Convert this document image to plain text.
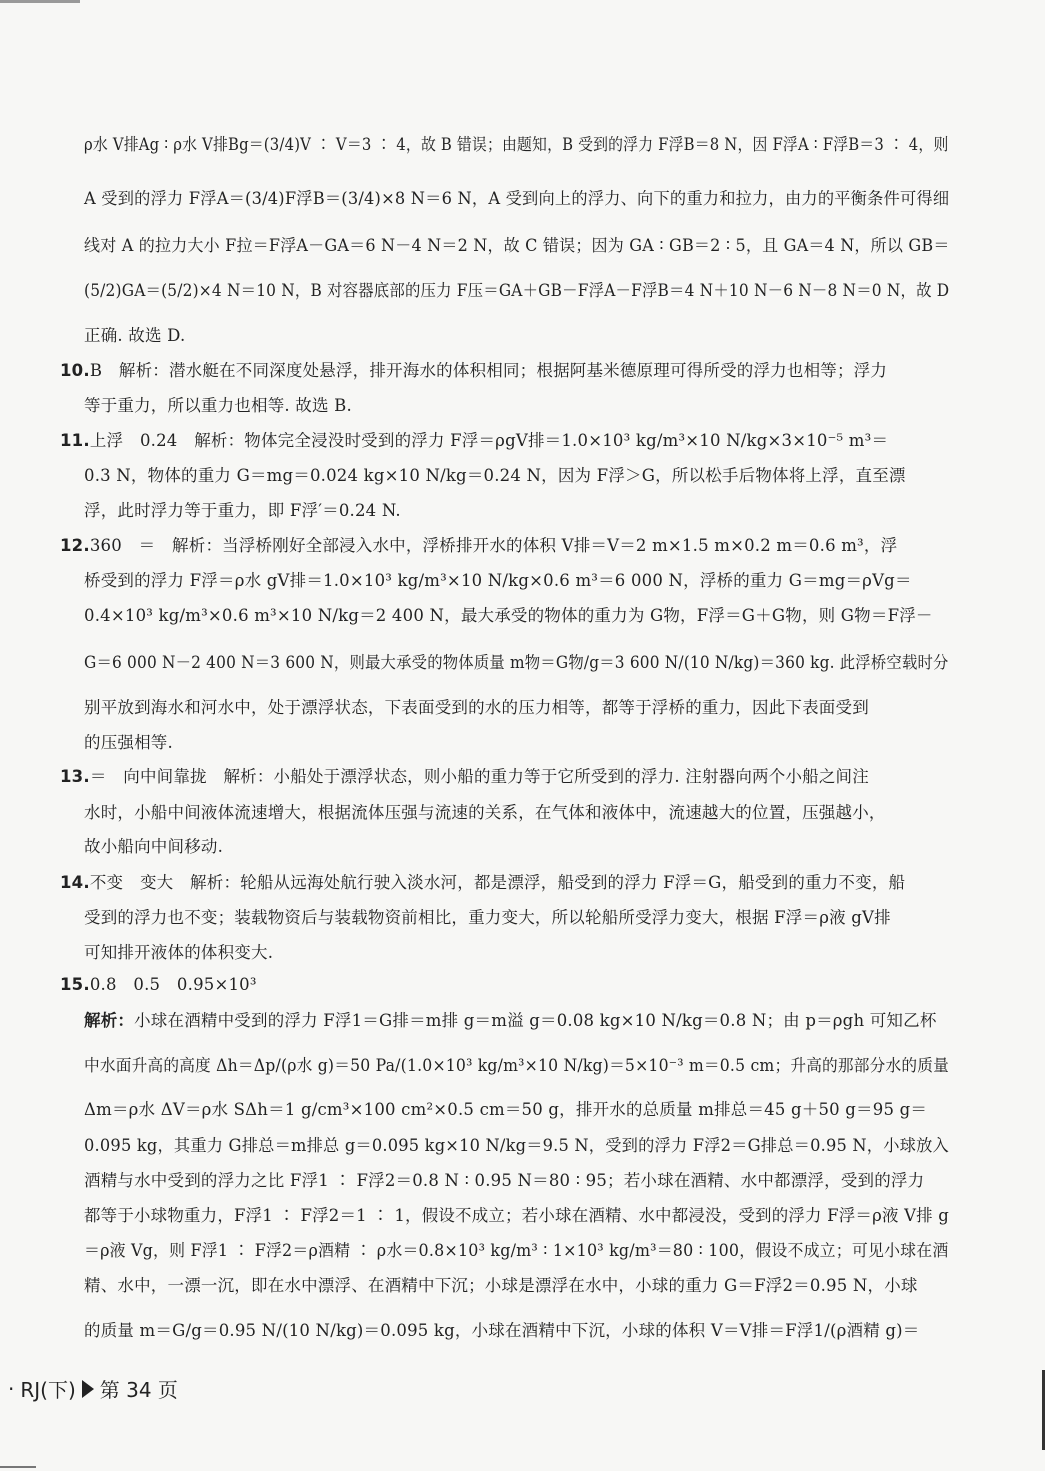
ρ水 V排Ag ∶ ρ水 V排Bg＝(3/4)V ∶ V＝3 ∶ 4，故 B 错误；由题知，B 受到的浮力 F浮B＝8 N，因 F浮A ∶ F浮B＝3 ∶ 4，则
A 受到的浮力 F浮A＝(3/4)F浮B＝(3/4)×8 N＝6 N，A 受到向上的浮力、向下的重力和拉力，由力的平衡条件可得细
线对 A 的拉力大小 F拉＝F浮A－GA＝6 N－4 N＝2 N，故 C 错误；因为 GA ∶ GB＝2 ∶ 5，且 GA＝4 N，所以 GB＝
(5/2)GA＝(5/2)×4 N＝10 N，B 对容器底部的压力 F压＝GA＋GB－F浮A－F浮B＝4 N＋10 N－6 N－8 N＝0 N，故 D
正确. 故选 D.
10.B　解析：潜水艇在不同深度处悬浮，排开海水的体积相同；根据阿基米德原理可得所受的浮力也相等；浮力
等于重力，所以重力也相等. 故选 B.
11.上浮　0.24　解析：物体完全浸没时受到的浮力 F浮＝ρgV排＝1.0×10³ kg/m³×10 N/kg×3×10⁻⁵ m³＝
0.3 N，物体的重力 G＝mg＝0.024 kg×10 N/kg＝0.24 N，因为 F浮＞G，所以松手后物体将上浮，直至漂
浮，此时浮力等于重力，即 F浮′＝0.24 N.
12.360　＝　解析：当浮桥刚好全部浸入水中，浮桥排开水的体积 V排＝V＝2 m×1.5 m×0.2 m＝0.6 m³，浮
桥受到的浮力 F浮＝ρ水 gV排＝1.0×10³ kg/m³×10 N/kg×0.6 m³＝6 000 N，浮桥的重力 G＝mg＝ρVg＝
0.4×10³ kg/m³×0.6 m³×10 N/kg＝2 400 N，最大承受的物体的重力为 G物，F浮＝G＋G物，则 G物＝F浮－
G＝6 000 N－2 400 N＝3 600 N，则最大承受的物体质量 m物＝G物/g＝3 600 N/(10 N/kg)＝360 kg. 此浮桥空载时分
别平放到海水和河水中，处于漂浮状态，下表面受到的水的压力相等，都等于浮桥的重力，因此下表面受到
的压强相等.
13.＝　向中间靠拢　解析：小船处于漂浮状态，则小船的重力等于它所受到的浮力. 注射器向两个小船之间注
水时，小船中间液体流速增大，根据流体压强与流速的关系，在气体和液体中，流速越大的位置，压强越小，
故小船向中间移动.
14.不变　变大　解析：轮船从远海处航行驶入淡水河，都是漂浮，船受到的浮力 F浮＝G，船受到的重力不变，船
受到的浮力也不变；装载物资后与装载物资前相比，重力变大，所以轮船所受浮力变大，根据 F浮＝ρ液 gV排
可知排开液体的体积变大.
15.0.8　0.5　0.95×10³　
解析：小球在酒精中受到的浮力 F浮1＝G排＝m排 g＝m溢 g＝0.08 kg×10 N/kg＝0.8 N；由 p＝ρgh 可知乙杯
中水面升高的高度 Δh＝Δp/(ρ水 g)＝50 Pa/(1.0×10³ kg/m³×10 N/kg)＝5×10⁻³ m＝0.5 cm；升高的那部分水的质量
Δm＝ρ水 ΔV＝ρ水 SΔh＝1 g/cm³×100 cm²×0.5 cm＝50 g，排开水的总质量 m排总＝45 g＋50 g＝95 g＝
0.095 kg，其重力 G排总＝m排总 g＝0.095 kg×10 N/kg＝9.5 N，受到的浮力 F浮2＝G排总＝0.95 N，小球放入
酒精与水中受到的浮力之比 F浮1 ∶ F浮2＝0.8 N ∶ 0.95 N＝80 ∶ 95；若小球在酒精、水中都漂浮，受到的浮力
都等于小球物重力，F浮1 ∶ F浮2＝1 ∶ 1，假设不成立；若小球在酒精、水中都浸没，受到的浮力 F浮＝ρ液 V排 g
＝ρ液 Vg，则 F浮1 ∶ F浮2＝ρ酒精 ∶ ρ水＝0.8×10³ kg/m³ ∶ 1×10³ kg/m³＝80 ∶ 100，假设不成立；可见小球在酒
精、水中，一漂一沉，即在水中漂浮、在酒精中下沉；小球是漂浮在水中，小球的重力 G＝F浮2＝0.95 N，小球
的质量 m＝G/g＝0.95 N/(10 N/kg)＝0.095 kg，小球在酒精中下沉，小球的体积 V＝V排＝F浮1/(ρ酒精 g)＝
· RJ(下) 第 34 页
